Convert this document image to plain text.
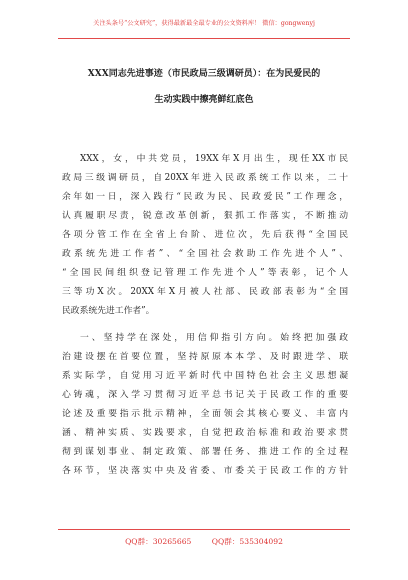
关注头条号“公文研究”，获得最新最全最专业的公文资料库！ 微信：gongwenyj
XXX同志先进事迹（市民政局三级调研员）：在为民爱民的
生动实践中擦亮鲜红底色
XXX，女，中共党员，19XX年X月出生，现任XX市民
政局三级调研员，自20XX年进入民政系统工作以来，二十
余年如一日，深入践行“民政为民、民政爱民”工作理念，
认真履职尽责，锐意改革创新，狠抓工作落实，不断推动
各项分管工作在全省上台阶、进位次，先后获得“全国民
政系统先进工作者”、“全国社会救助工作先进个人”、
“全国民间组织登记管理工作先进个人”等表彰，记个人
三等功X次。20XX年X月被人社部、民政部表彰为“全国
民政系统先进工作者”。
一、坚持学在深处，用信仰指引方向。始终把加强政
治建设摆在首要位置，坚持原原本本学、及时跟进学、联
系实际学，自觉用习近平新时代中国特色社会主义思想凝
心铸魂，深入学习贯彻习近平总书记关于民政工作的重要
论述及重要指示批示精神，全面领会其核心要义、丰富内
涵、精神实质、实践要求，自觉把政治标准和政治要求贯
彻到谋划事业、制定政策、部署任务、推进工作的全过程
各环节，坚决落实中央及省委、市委关于民政工作的方针
QQ群：30265665	QQ群：535304092
